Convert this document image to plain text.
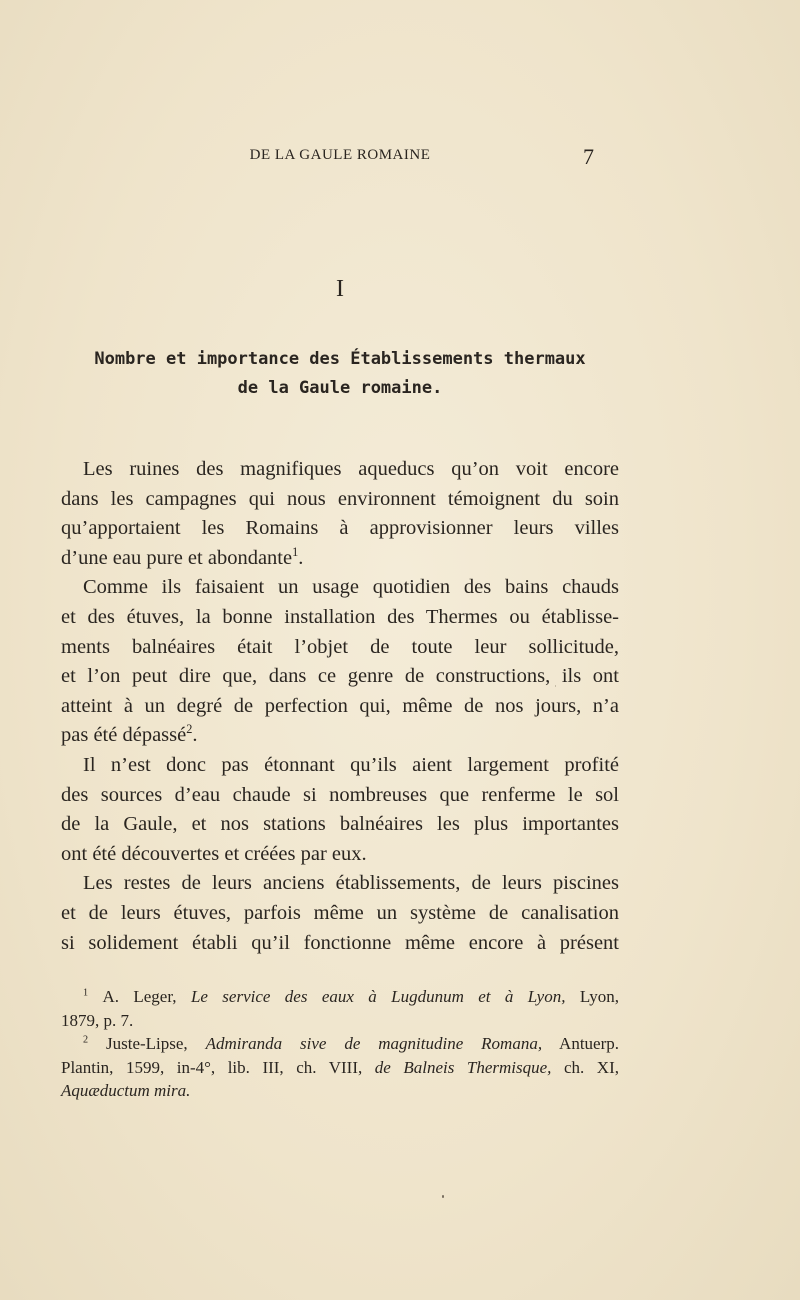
DE LA GAULE ROMAINE	7
I
Nombre et importance des Établissements thermaux
de la Gaule romaine.
Les ruines des magnifiques aqueducs qu’on voit encore
dans les campagnes qui nous environnent témoignent du soin
qu’apportaient les Romains à approvisionner leurs villes
d’une eau pure et abondante$^1$.
Comme ils faisaient un usage quotidien des bains chauds
et des étuves, la bonne installation des Thermes ou établisse-
ments balnéaires était l’objet de toute leur sollicitude,
et l’on peut dire que, dans ce genre de constructions, ils ont
atteint à un degré de perfection qui, même de nos jours, n’a
pas été dépassé$^2$.
Il n’est donc pas étonnant qu’ils aient largement profité
des sources d’eau chaude si nombreuses que renferme le sol
de la Gaule, et nos stations balnéaires les plus importantes
ont été découvertes et créées par eux.
Les restes de leurs anciens établissements, de leurs piscines
et de leurs étuves, parfois même un système de canalisation
si solidement établi qu’il fonctionne même encore à présent
$^1$ A. Leger, Le service des eaux à Lugdunum et à Lyon, Lyon,
1879, p. 7.
$^2$ Juste-Lipse, Admiranda sive de magnitudine Romana, Antuerp.
Plantin, 1599, in-4°, lib. III, ch. VIII, de Balneis Thermisque, ch. XI,
Aquæductum mira.
